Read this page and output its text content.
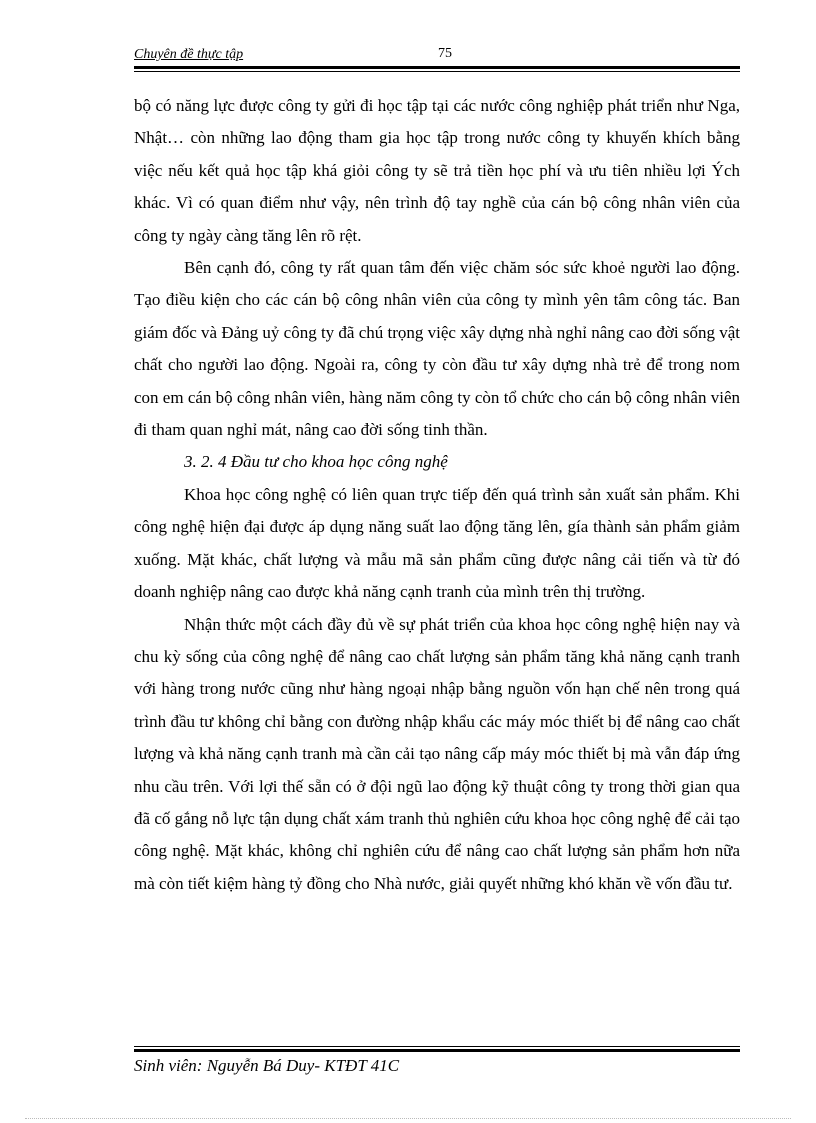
Chuyên đề thực tập	75

bộ có năng lực được công ty gửi đi học tập tại các nước công nghiệp phát triển như Nga, Nhật… còn những lao động tham gia học tập trong nước công ty khuyến khích bằng việc nếu kết quả học tập khá giỏi công ty sẽ trả tiền học phí và ưu tiên nhiều lợi Ých khác. Vì có quan điểm như vậy, nên trình độ tay nghề của cán bộ công nhân viên của công ty ngày càng tăng lên rõ rệt.

Bên cạnh đó, công ty rất quan tâm đến việc chăm sóc sức khoẻ người lao động. Tạo điều kiện cho các cán bộ công nhân viên của công ty mình yên tâm công tác. Ban giám đốc và Đảng uỷ công ty đã chú trọng việc xây dựng nhà nghỉ nâng cao đời sống vật chất cho người lao động. Ngoài ra, công ty còn đầu tư xây dựng nhà trẻ để trong nom con em cán bộ công nhân viên, hàng năm công ty còn tổ chức cho cán bộ công nhân viên đi tham quan nghỉ mát, nâng cao đời sống tinh thần.

3. 2. 4 Đầu tư cho khoa học công nghệ

Khoa học công nghệ có liên quan trực tiếp đến quá trình sản xuất sản phẩm. Khi công nghệ hiện đại được áp dụng năng suất lao động tăng lên, gía thành sản phẩm giảm xuống. Mặt khác, chất lượng và mẫu mã sản phẩm cũng được nâng cải tiến và từ đó doanh nghiệp nâng cao được khả năng cạnh tranh của mình trên thị trường.

Nhận thức một cách đầy đủ về sự phát triển của khoa học công nghệ hiện nay và chu kỳ sống của công nghệ để nâng cao chất lượng sản phẩm tăng khả năng cạnh tranh với hàng trong nước cũng như hàng ngoại nhập bằng nguồn vốn hạn chế nên trong quá trình đầu tư không chỉ bằng con đường nhập khẩu các máy móc thiết bị để nâng cao chất lượng và khả năng cạnh tranh mà cần cải tạo nâng cấp máy móc thiết bị mà vẫn đáp ứng nhu cầu trên. Với lợi thế sẵn có ở đội ngũ lao động kỹ thuật công ty trong thời gian qua đã cố gắng nỗ lực tận dụng chất xám tranh thủ nghiên cứu khoa học công nghệ để cải tạo công nghệ. Mặt khác, không chỉ nghiên cứu để nâng cao chất lượng sản phẩm hơn nữa mà còn tiết kiệm hàng tỷ đồng cho Nhà nước, giải quyết những khó khăn về vốn đầu tư.

Sinh viên: Nguyễn Bá Duy- KTĐT 41C
